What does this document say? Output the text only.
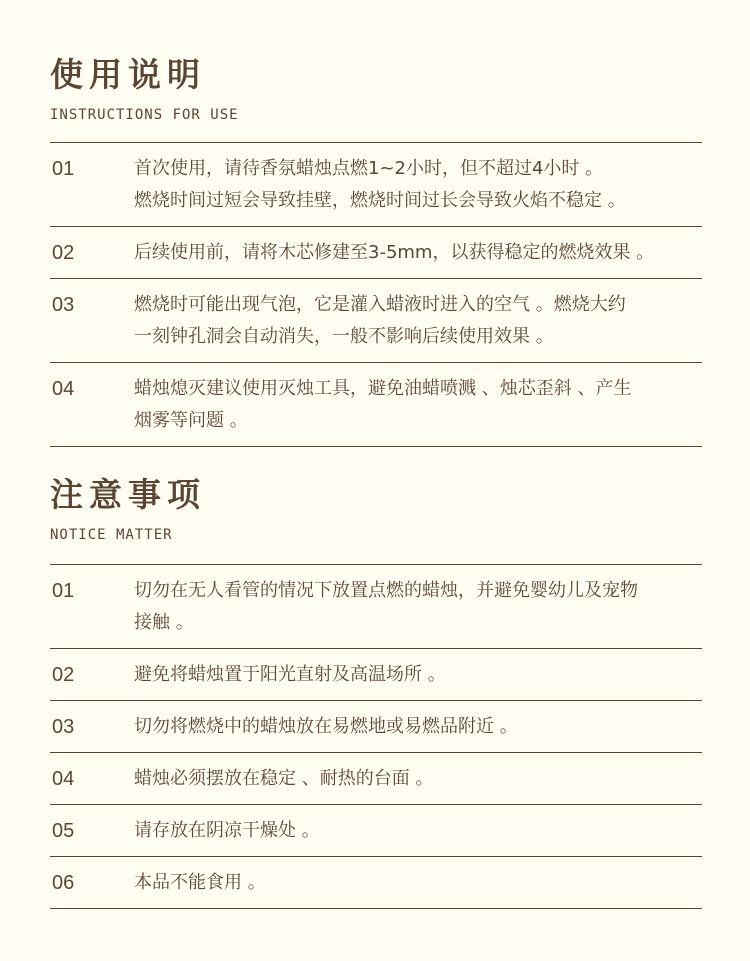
使用说明
INSTRUCTIONS FOR USE
01	首次使用，请待香氛蜡烛点燃1~2小时，但不超过4小时 。
燃烧时间过短会导致挂壁，燃烧时间过长会导致火焰不稳定 。
02	后续使用前，请将木芯修建至3-5mm，以获得稳定的燃烧效果 。
03	燃烧时可能出现气泡，它是灌入蜡液时进入的空气 。燃烧大约
一刻钟孔洞会自动消失，一般不影响后续使用效果 。
04	蜡烛熄灭建议使用灭烛工具，避免油蜡喷溅 、烛芯歪斜 、产生
烟雾等问题 。
注意事项
NOTICE MATTER
01	切勿在无人看管的情况下放置点燃的蜡烛，并避免婴幼儿及宠物
接触 。
02	避免将蜡烛置于阳光直射及高温场所 。
03	切勿将燃烧中的蜡烛放在易燃地或易燃品附近 。
04	蜡烛必须摆放在稳定 、耐热的台面 。
05	请存放在阴凉干燥处 。
06	本品不能食用 。
